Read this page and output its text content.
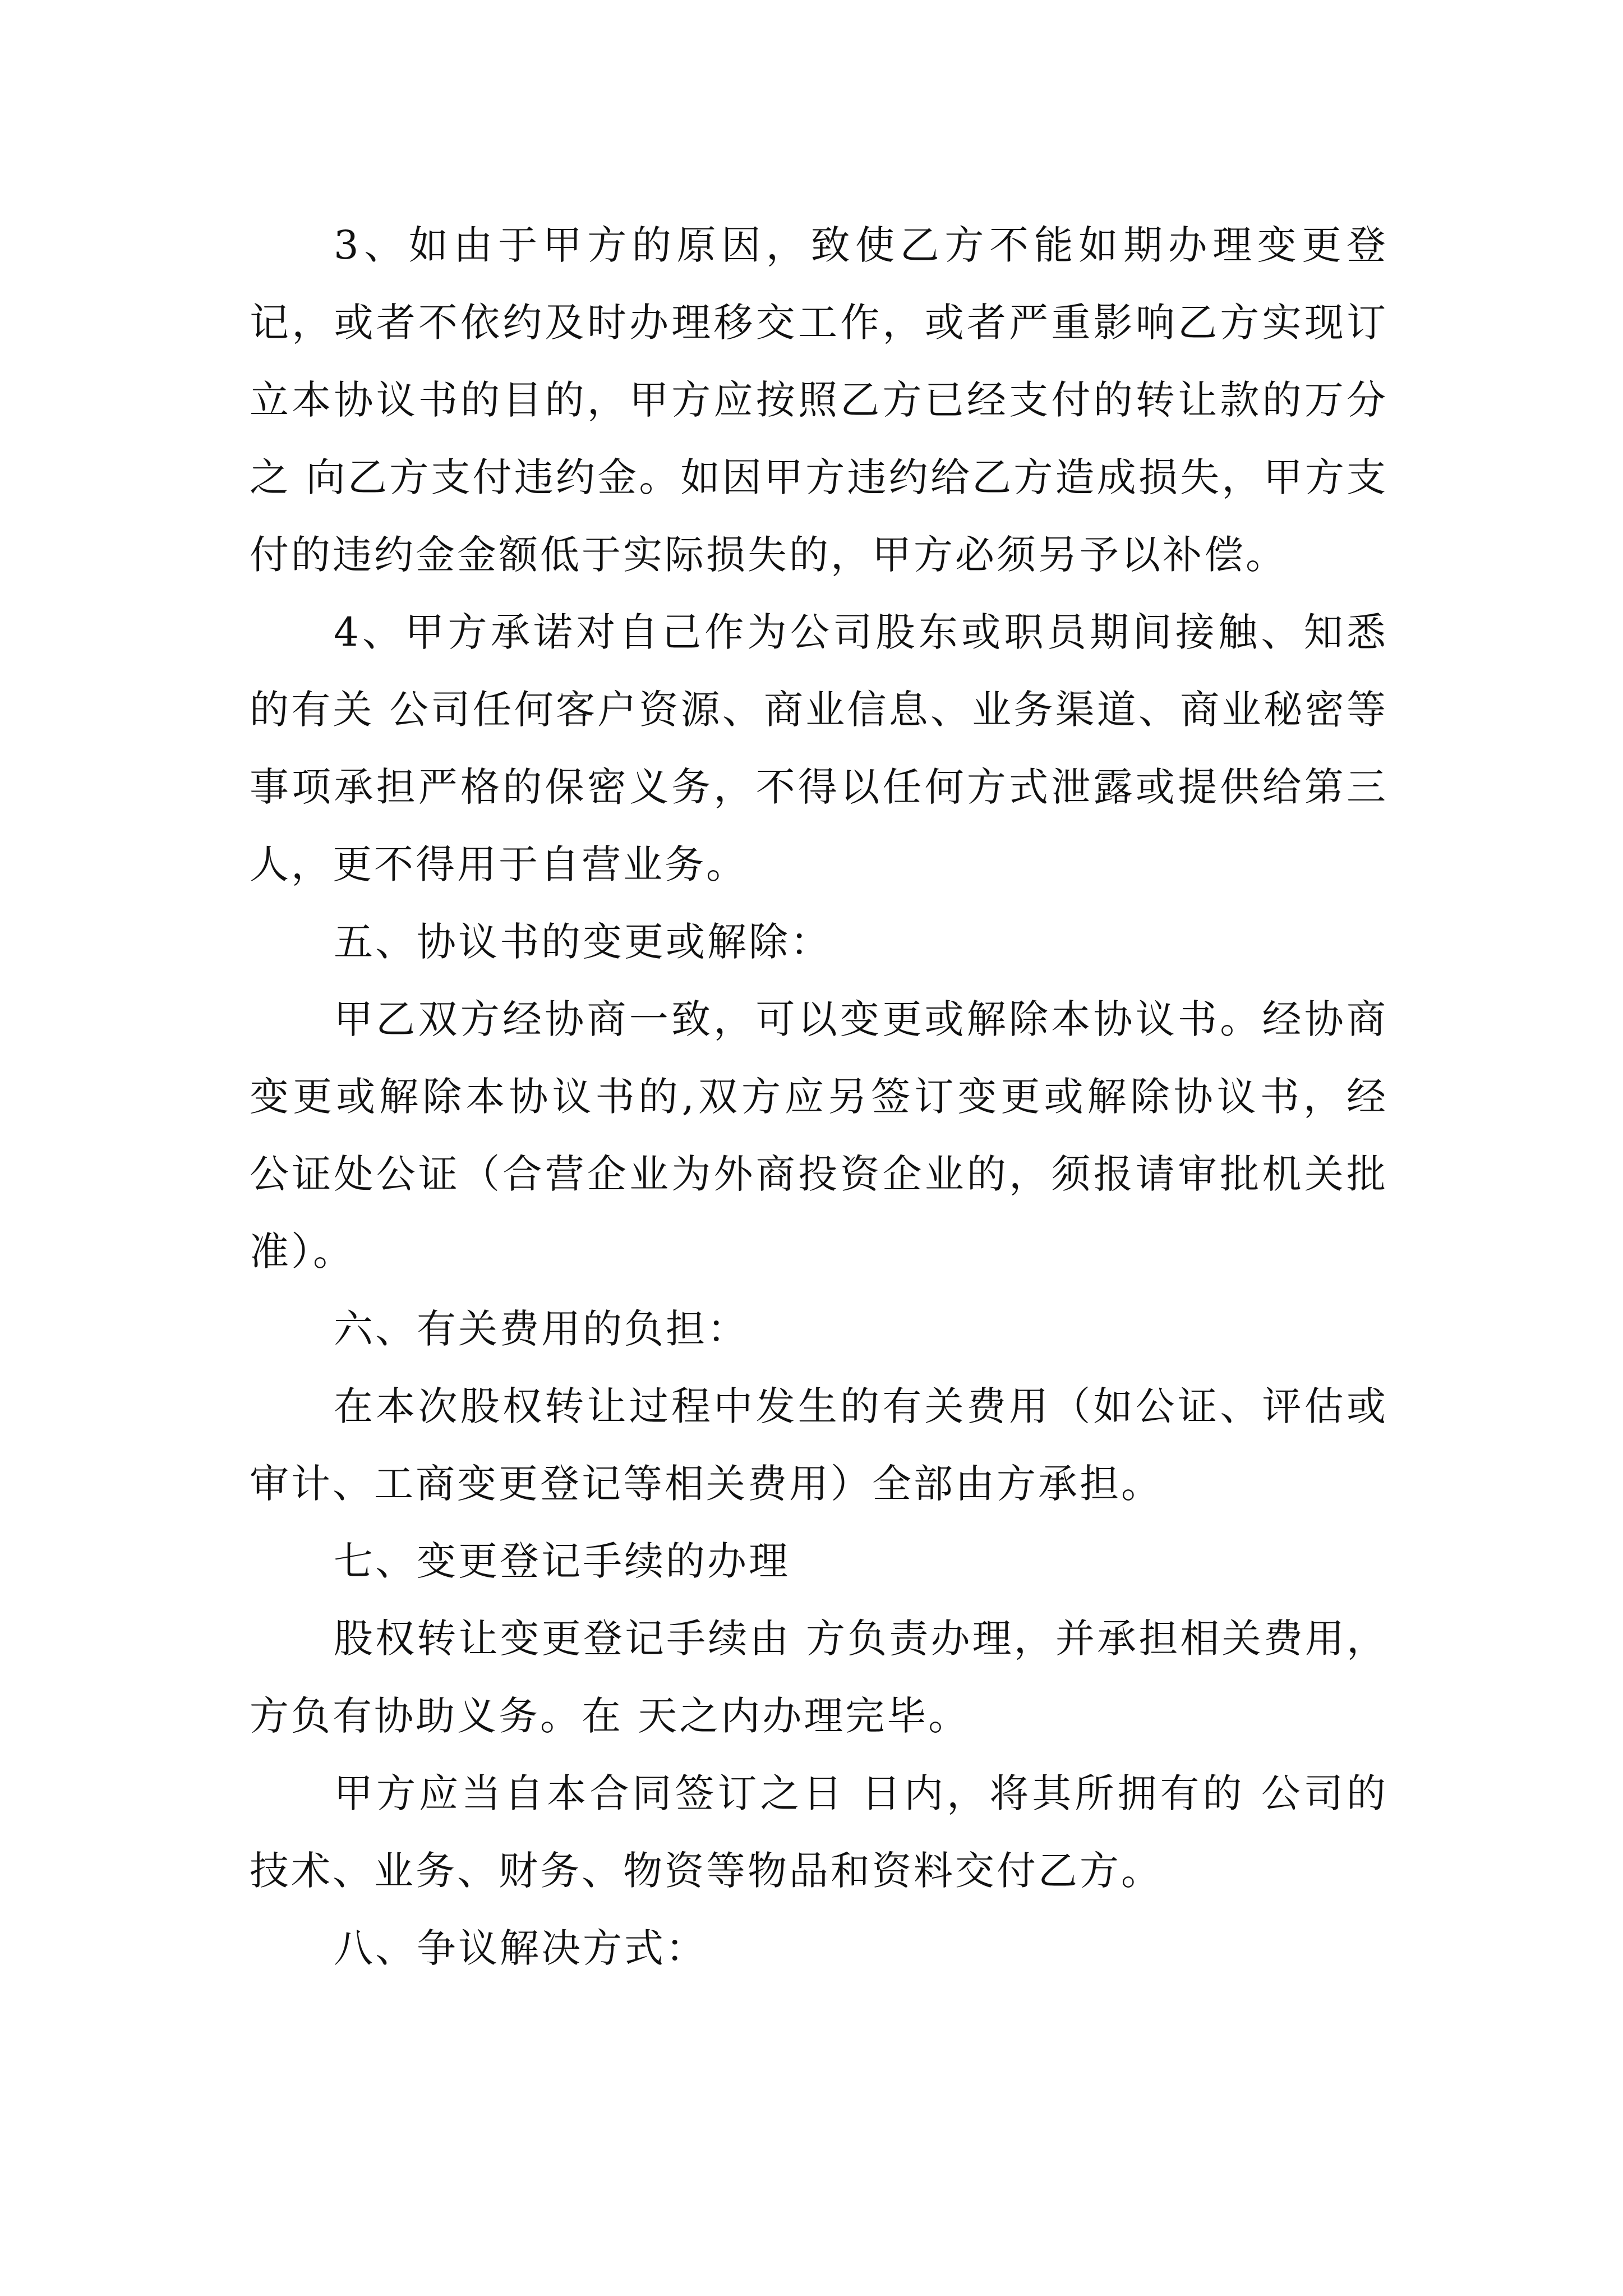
3、如由于甲方的原因，致使乙方不能如期办理变更登记，或者不依约及时办理移交工作，或者严重影响乙方实现订立本协议书的目的，甲方应按照乙方已经支付的转让款的万分之 向乙方支付违约金。如因甲方违约给乙方造成损失，甲方支付的违约金金额低于实际损失的，甲方必须另予以补偿。

4、甲方承诺对自己作为公司股东或职员期间接触、知悉的有关 公司任何客户资源、商业信息、业务渠道、商业秘密等事项承担严格的保密义务，不得以任何方式泄露或提供给第三人，更不得用于自营业务。

五、协议书的变更或解除：

甲乙双方经协商一致，可以变更或解除本协议书。经协商变更或解除本协议书的,双方应另签订变更或解除协议书，经 公证处公证（合营企业为外商投资企业的，须报请审批机关批准）。

六、有关费用的负担：

在本次股权转让过程中发生的有关费用（如公证、评估或审计、工商变更登记等相关费用）全部由方承担。

七、变更登记手续的办理

股权转让变更登记手续由 方负责办理，并承担相关费用， 方负有协助义务。在 天之内办理完毕。

甲方应当自本合同签订之日 日内，将其所拥有的 公司的技术、业务、财务、物资等物品和资料交付乙方。

八、争议解决方式：
